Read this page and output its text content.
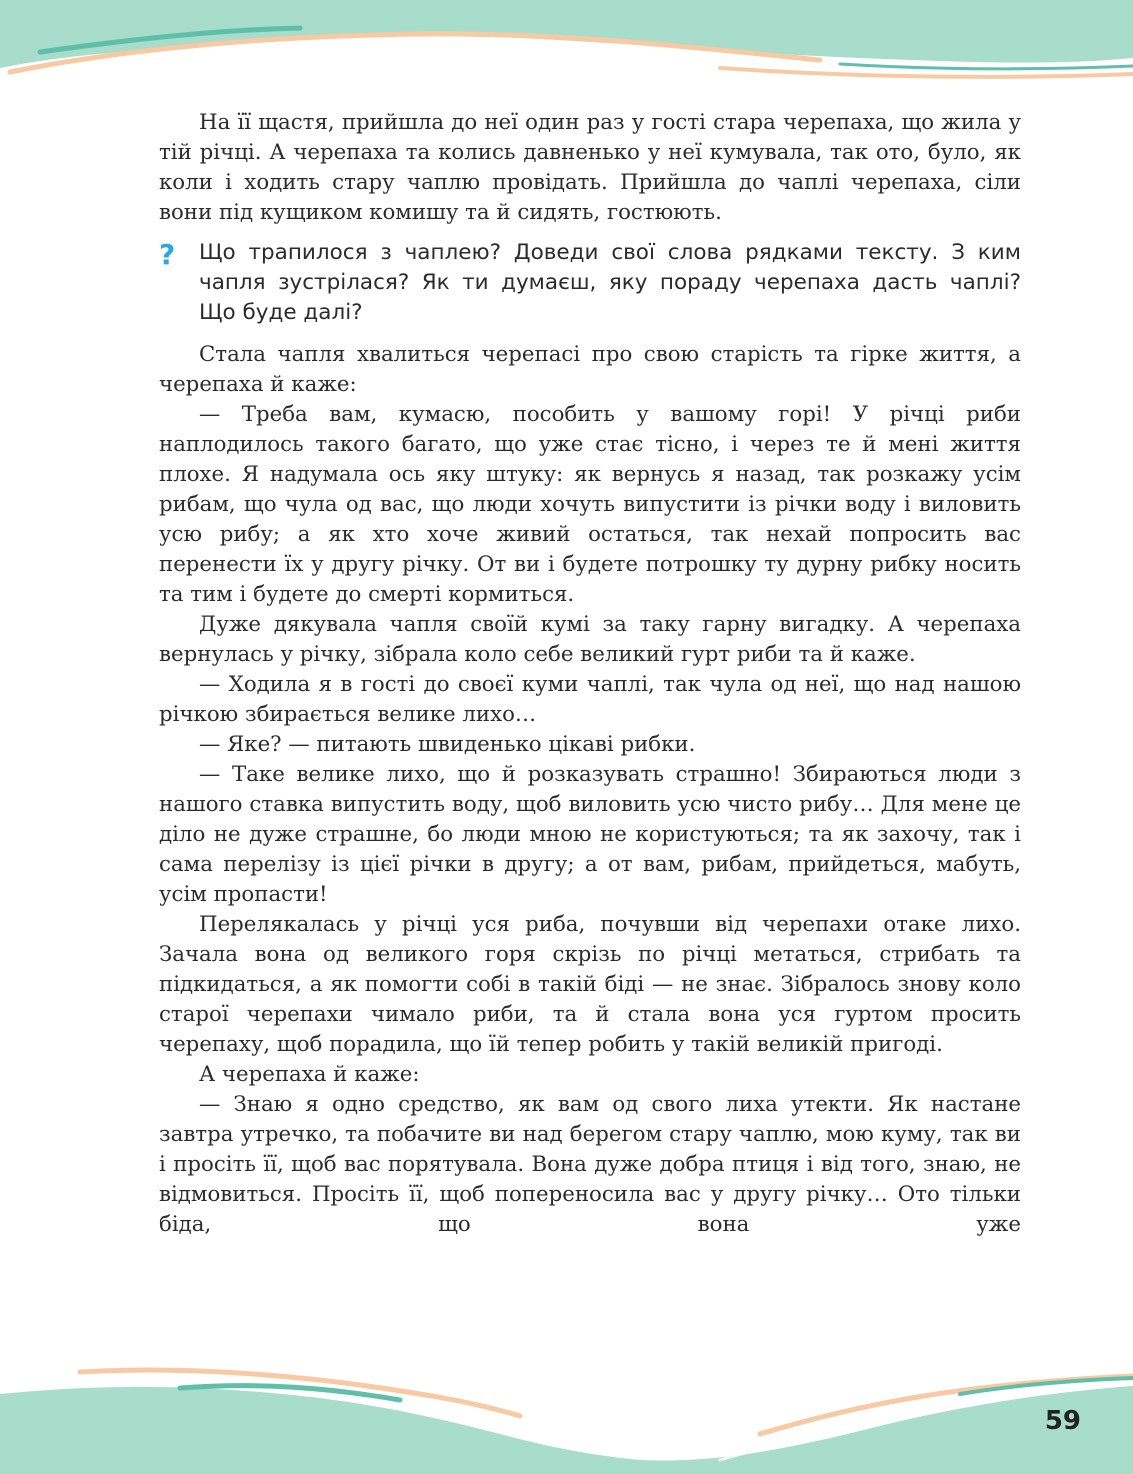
На її щастя, прийшла до неї один раз у гості стара черепаха, що жила у тій річці. А черепаха та колись давненько у неї кумувала, так ото, було, як коли і ходить стару чаплю провідать. Прийшла до чаплі черепаха, сіли вони під кущиком комишу та й сидять, гостюють.

?	Що трапилося з чаплею? Доведи свої слова рядками тексту. З ким
чапля зустрілася? Як ти думаєш, яку пораду черепаха дасть чаплі?
Що буде далі?

Стала чапля хвалиться черепасі про свою старість та гірке життя, а черепаха й каже:

— Треба вам, кумасю, пособить у вашому горі! У річці риби наплодилось такого багато, що уже стає тісно, і через те й мені життя плохе. Я надумала ось яку штуку: як вернусь я назад, так розкажу усім рибам, що чула од вас, що люди хочуть випустити із річки воду і виловить усю рибу; а як хто хоче живий остаться, так нехай попросить вас перенести їх у другу річку. От ви і будете потрошку ту дурну рибку носить та тим і будете до смерті кормиться.

Дуже дякувала чапля своїй кумі за таку гарну вигадку. А черепаха вернулась у річку, зібрала коло себе великий гурт риби та й каже.

— Ходила я в гості до своєї куми чаплі, так чула од неї, що над нашою річкою збирається велике лихо…

— Яке? — питають швиденько цікаві рибки.

— Таке велике лихо, що й розказувать страшно! Збираються люди з нашого ставка випустить воду, щоб виловить усю чисто рибу… Для мене це діло не дуже страшне, бо люди мною не користуються; та як захочу, так і сама перелізу із цієї річки в другу; а от вам, рибам, прийдеться, мабуть, усім пропасти!

Перелякалась у річці уся риба, почувши від черепахи отаке лихо. Зачала вона од великого горя скрізь по річці метаться, стрибать та підкидаться, а як помогти собі в такій біді — не знає. Зібралось знову коло старої черепахи чимало риби, та й стала вона уся гуртом просить черепаху, щоб порадила, що їй тепер робить у такій великій пригоді.

А черепаха й каже:

— Знаю я одно средство, як вам од свого лиха утекти. Як настане завтра утречко, та побачите ви над берегом стару чаплю, мою куму, так ви і просіть її, щоб вас порятувала. Вона дуже добра птиця і від того, знаю, не відмовиться. Просіть її, щоб попереносила вас у другу річку… Ото тільки біда, що вона уже

59
